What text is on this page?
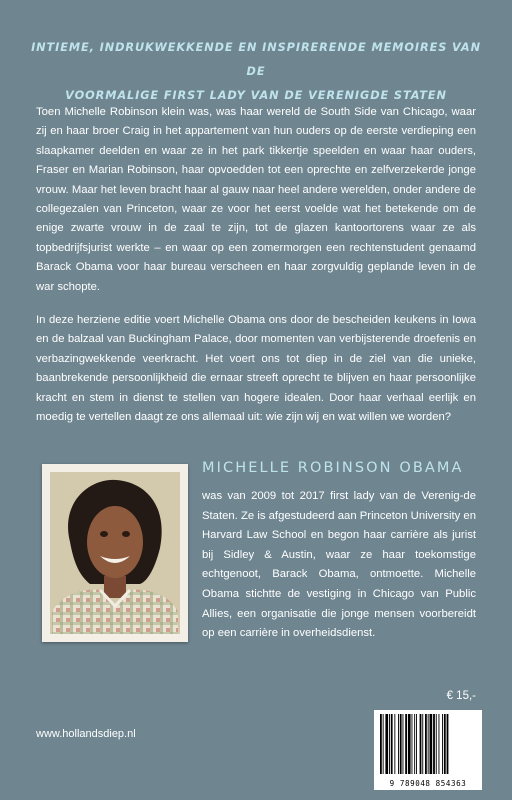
INTIEME, INDRUKWEKKENDE EN INSPIRERENDE MEMOIRES VAN DE
VOORMALIGE FIRST LADY VAN DE VERENIGDE STATEN
Toen Michelle Robinson klein was, was haar wereld de South Side van Chicago, waar zij en haar broer Craig in het appartement van hun ouders op de eerste verdieping een slaapkamer deelden en waar ze in het park tikkertje speelden en waar haar ouders, Fraser en Marian Robinson, haar opvoedden tot een oprechte en zelfverzekerde jonge vrouw. Maar het leven bracht haar al gauw naar heel andere werelden, onder andere de collegezalen van Princeton, waar ze voor het eerst voelde wat het betekende om de enige zwarte vrouw in de zaal te zijn, tot de glazen kantoortorens waar ze als topbedrijfsjurist werkte – en waar op een zomermorgen een rechtenstudent genaamd Barack Obama voor haar bureau verscheen en haar zorgvuldig geplande leven in de war schopte.
In deze herziene editie voert Michelle Obama ons door de bescheiden keukens in Iowa en de balzaal van Buckingham Palace, door momenten van verbijsterende droefenis en verbazingwekkende veerkracht. Het voert ons tot diep in de ziel van die unieke, baanbrekende persoonlijkheid die ernaar streeft oprecht te blijven en haar persoonlijke kracht en stem in dienst te stellen van hogere idealen. Door haar verhaal eerlijk en moedig te vertellen daagt ze ons allemaal uit: wie zijn wij en wat willen we worden?
MICHELLE ROBINSON OBAMA
was van 2009 tot 2017 first lady van de Verenig-de Staten. Ze is afgestudeerd aan Princeton University en Harvard Law School en begon haar carrière als jurist bij Sidley & Austin, waar ze haar toekomstige echtgenoot, Barack Obama, ontmoette. Michelle Obama stichtte de vestiging in Chicago van Public Allies, een organisatie die jonge mensen voorbereidt op een carrière in overheidsdienst.
€ 15,-
www.hollandsdiep.nl
9 789048 854363
